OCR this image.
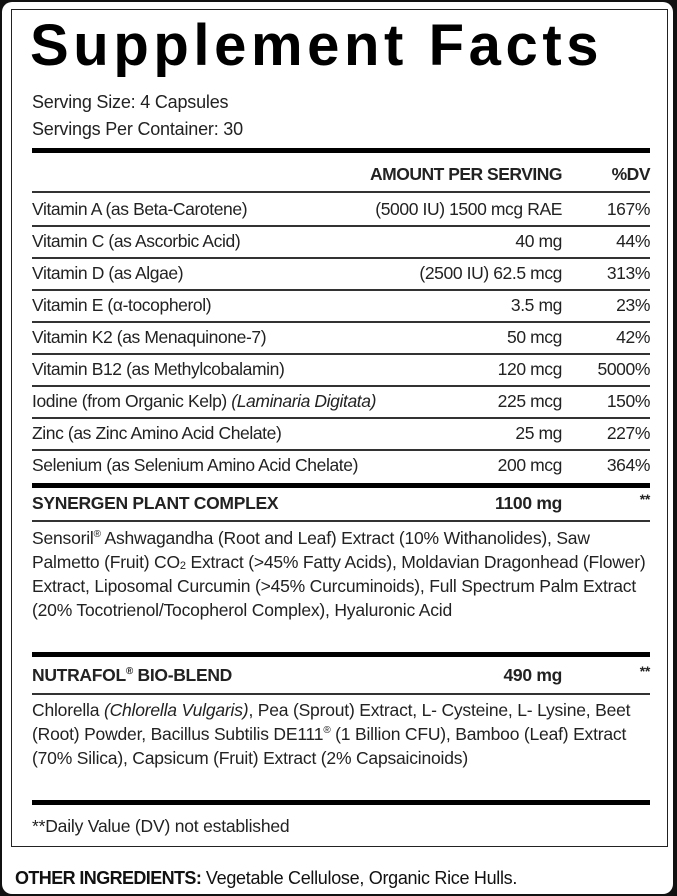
Supplement Facts
Serving Size: 4 Capsules
Servings Per Container: 30
AMOUNT PER SERVING	%DV
Vitamin A (as Beta-Carotene)	(5000 IU) 1500 mcg RAE	167%
Vitamin C (as Ascorbic Acid)	40 mg	44%
Vitamin D (as Algae)	(2500 IU) 62.5 mcg	313%
Vitamin E (α-tocopherol)	3.5 mg	23%
Vitamin K2 (as Menaquinone-7)	50 mcg	42%
Vitamin B12 (as Methylcobalamin)	120 mcg 5000%
Iodine (from Organic Kelp) (Laminaria Digitata)	225 mcg	150%
Zinc (as Zinc Amino Acid Chelate)	25 mg	227%
Selenium (as Selenium Amino Acid Chelate)	200 mcg	364%
SYNERGEN PLANT COMPLEX	1100 mg	**
Sensoril® Ashwagandha (Root and Leaf) Extract (10% Withanolides), Saw Palmetto (Fruit) $CO_2$ Extract (>45% Fatty Acids), Moldavian Dragonhead (Flower) Extract, Liposomal Curcumin (>45% Curcuminoids), Full Spectrum Palm Extract (20% Tocotrienol/Tocopherol Complex), Hyaluronic Acid
NUTRAFOL® BIO-BLEND	490 mg	**
Chlorella (Chlorella Vulgaris), Pea (Sprout) Extract, L- Cysteine, L- Lysine, Beet (Root) Powder, Bacillus Subtilis DE111® (1 Billion CFU), Bamboo (Leaf) Extract (70% Silica), Capsicum (Fruit) Extract (2% Capsaicinoids)
**Daily Value (DV) not established
OTHER INGREDIENTS: Vegetable Cellulose, Organic Rice Hulls.
